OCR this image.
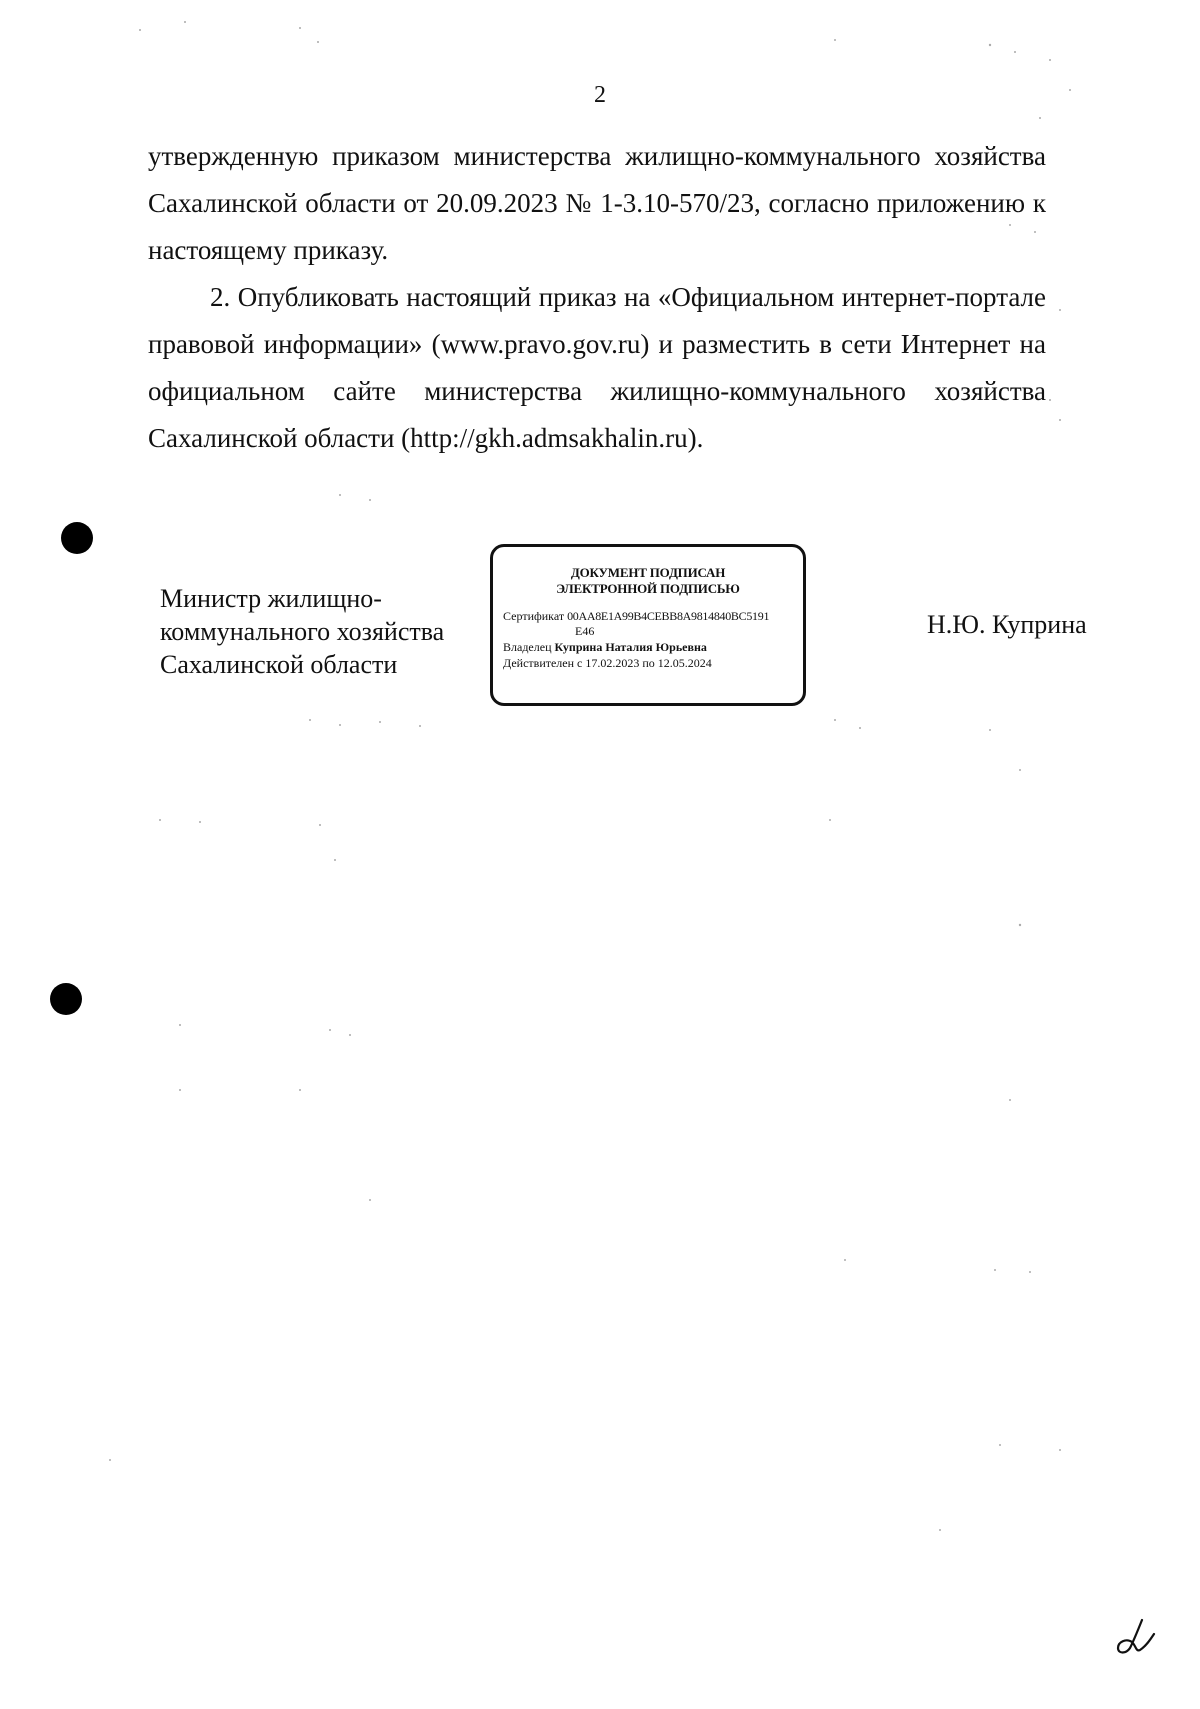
2

утвержденную приказом министерства жилищно-коммунального хозяйства Сахалинской области от 20.09.2023 № 1-3.10-570/23, согласно приложению к настоящему приказу.

2. Опубликовать настоящий приказ на «Официальном интернет-портале правовой информации» (www.pravo.gov.ru) и разместить в сети Интернет на официальном сайте министерства жилищно-коммунального хозяйства Сахалинской области (http://gkh.admsakhalin.ru).

Министр жилищно-
коммунального хозяйства
Сахалинской области
ДОКУМЕНТ ПОДПИСАН
ЭЛЕКТРОННОЙ ПОДПИСЬЮ
Сертификат 00AA8E1A99B4CEBB8A9814840BC5191
E46
Владелец Куприна Наталия Юрьевна
Действителен с 17.02.2023 по 12.05.2024
Н.Ю. Куприна
